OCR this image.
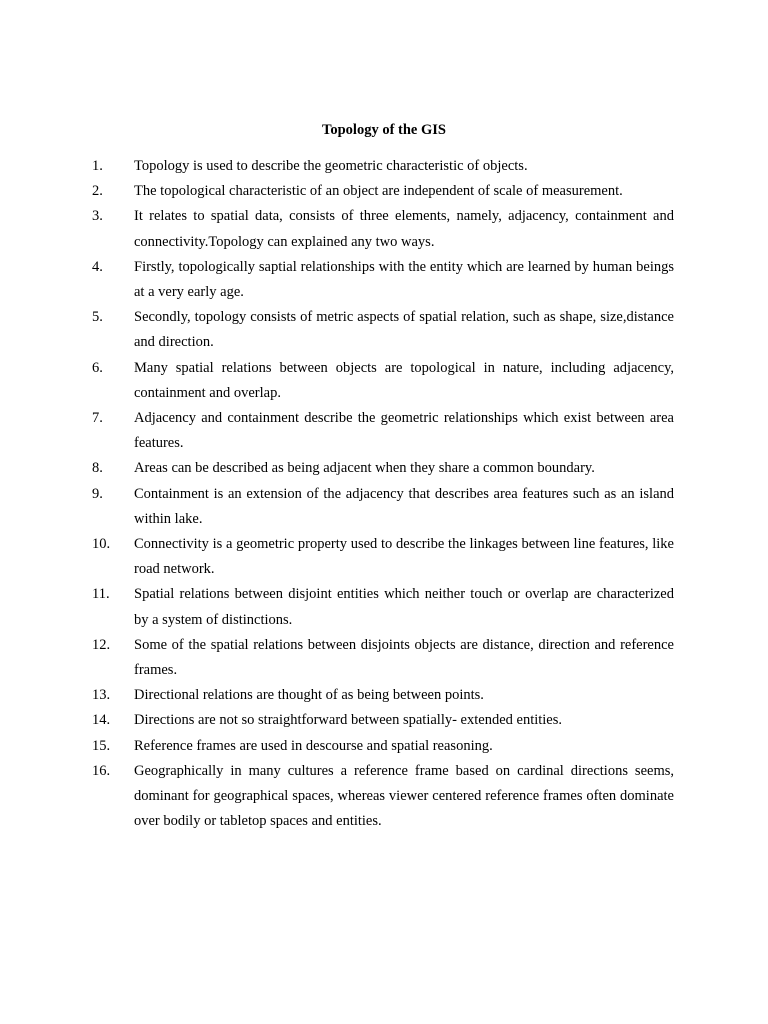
Topology of the GIS
1. Topology is used to describe the geometric characteristic of objects.
2. The topological characteristic of an object are independent of scale of measurement.
3. It relates to spatial data, consists of three elements, namely, adjacency, containment and connectivity.Topology can explained any two ways.
4. Firstly, topologically saptial relationships with the entity which are learned by human beings at a very early age.
5. Secondly, topology consists of metric aspects of spatial relation, such as shape, size,distance and direction.
6. Many spatial relations between objects are topological in nature, including adjacency, containment and overlap.
7. Adjacency and containment describe the geometric relationships which exist between area features.
8. Areas can be described as being adjacent when they share a common boundary.
9. Containment is an extension of the adjacency that describes area features such as an island within lake.
10. Connectivity is a geometric property used to describe the linkages between line features, like road network.
11. Spatial relations between disjoint entities which neither touch or overlap are characterized by a system of distinctions.
12. Some of the spatial relations between disjoints objects are distance, direction and reference frames.
13. Directional relations are thought of as being between points.
14. Directions are not so straightforward between spatially- extended entities.
15. Reference frames are used in descourse and spatial reasoning.
16. Geographically in many cultures a reference frame based on cardinal directions seems, dominant for geographical spaces, whereas viewer centered reference frames often dominate over bodily or tabletop spaces and entities.
